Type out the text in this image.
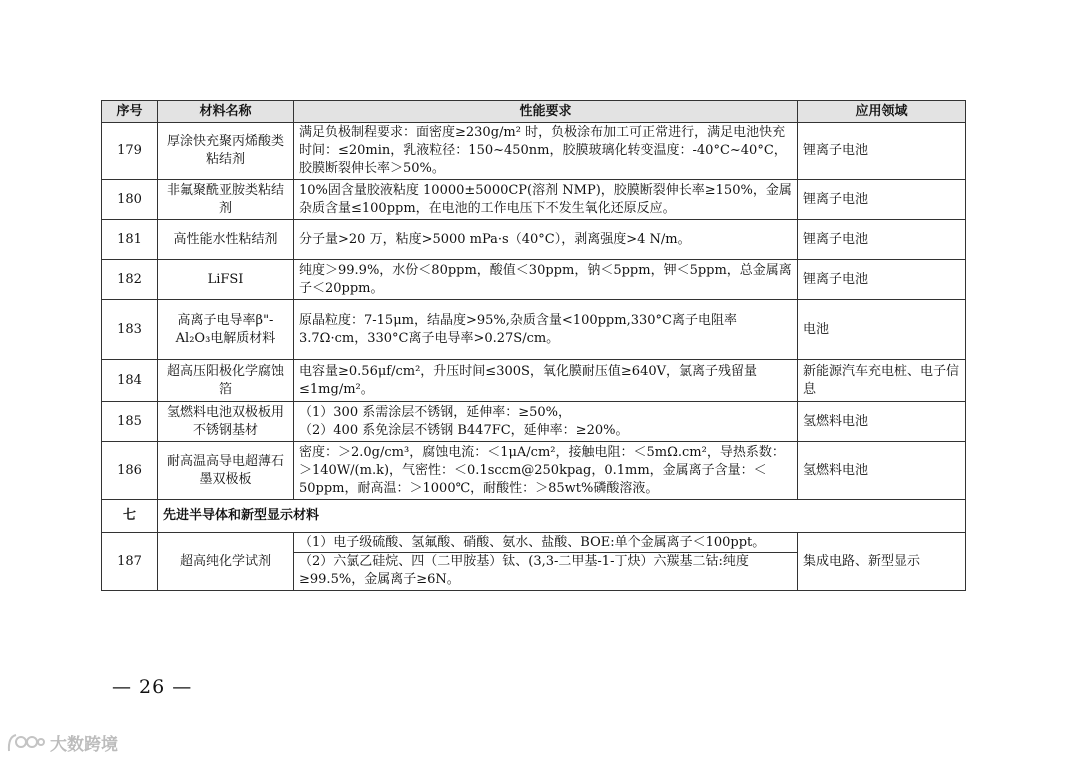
序号	材料名称	性能要求	应用领域
179	厚涂快充聚丙烯酸类粘结剂	满足负极制程要求：面密度≥230g/m² 时，负极涂布加工可正常进行，满足电池快充时间：≤20min，乳液粒径：150~450nm，胶膜玻璃化转变温度：-40°C~40°C，胶膜断裂伸长率＞50%。	锂离子电池
180	非氟聚酰亚胺类粘结剂	10%固含量胶液粘度 10000±5000CP(溶剂 NMP)，胶膜断裂伸长率≥150%，金属杂质含量≤100ppm，在电池的工作电压下不发生氧化还原反应。	锂离子电池
181	高性能水性粘结剂	分子量>20 万，粘度>5000 mPa·s（40°C），剥离强度>4 N/m。	锂离子电池
182	LiFSI	纯度＞99.9%，水份＜80ppm，酸值＜30ppm，钠＜5ppm，钾＜5ppm，总金属离子＜20ppm。	锂离子电池
183	高离子电导率β"-Al₂O₃电解质材料	原晶粒度：7-15μm，结晶度>95%,杂质含量<100ppm,330°C离子电阻率3.7Ω·cm，330°C离子电导率>0.27S/cm。	电池
184	超高压阳极化学腐蚀箔	电容量≥0.56μf/cm²，升压时间≤300S，氧化膜耐压值≥640V，氯离子残留量≤1mg/m²。	新能源汽车充电桩、电子信息
185	氢燃料电池双极板用不锈钢基材	（1）300 系需涂层不锈钢，延伸率：≥50%，
（2）400 系免涂层不锈钢 B447FC，延伸率：≥20%。	氢燃料电池
186	耐高温高导电超薄石墨双极板	密度：＞2.0g/cm³，腐蚀电流：＜1μA/cm²，接触电阻：＜5mΩ.cm²，导热系数：＞140W/(m.k)，气密性：＜0.1sccm@250kpag，0.1mm，金属离子含量：＜50ppm，耐高温：＞1000℃，耐酸性：＞85wt%磷酸溶液。	氢燃料电池
七	先进半导体和新型显示材料		
187	超高纯化学试剂	（1）电子级硫酸、氢氟酸、硝酸、氨水、盐酸、BOE:单个金属离子＜100ppt。
（2）六氯乙硅烷、四（二甲胺基）钛、(3,3-二甲基-1-丁炔）六羰基二钴:纯度≥99.5%，金属离子≥6N。	集成电路、新型显示
— 26 —
大数跨境
